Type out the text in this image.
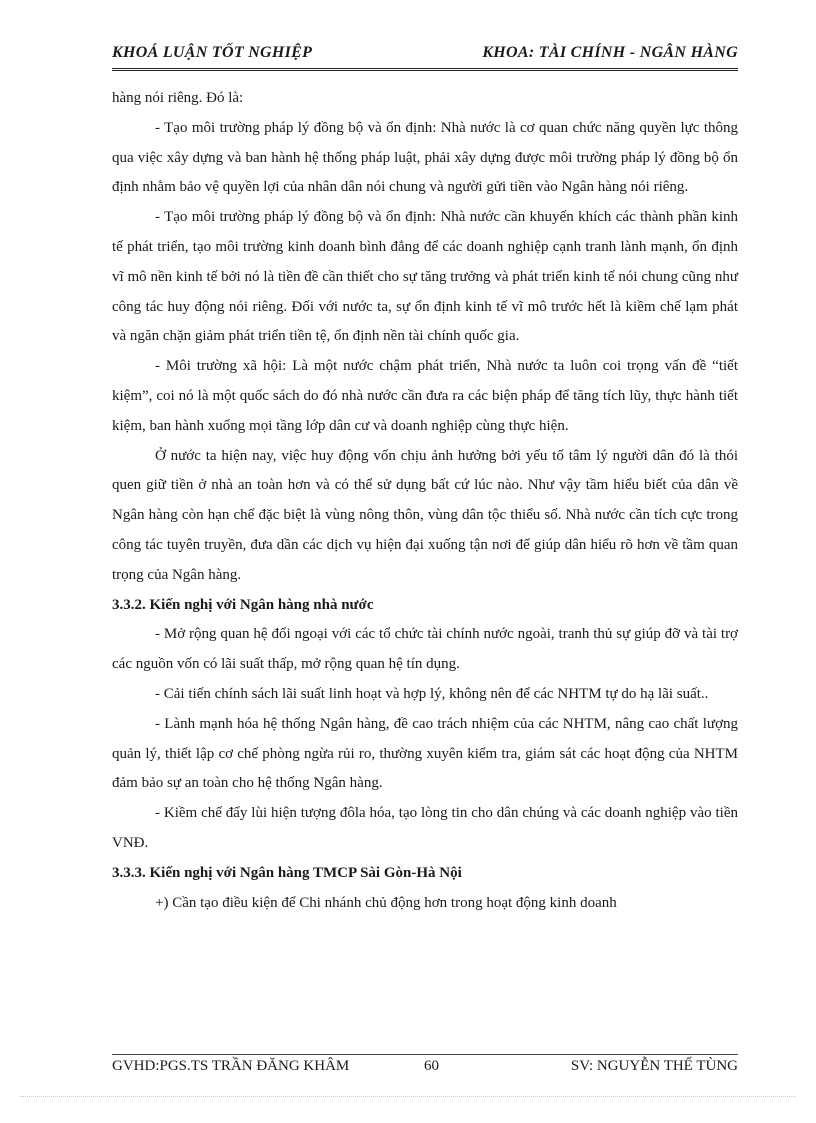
KHOÁ LUẬN TỐT NGHIỆP	KHOA: TÀI CHÍNH - NGÂN HÀNG

hàng nói riêng. Đó là:

- Tạo môi trường pháp lý đồng bộ và ổn định: Nhà nước là cơ quan chức năng quyền lực thông qua việc xây dựng và ban hành hệ thống pháp luật, phải xây dựng được môi trường pháp lý đồng bộ ổn định nhằm bảo vệ quyền lợi của nhân dân nói chung và người gửi tiền vào Ngân hàng nói riêng.

- Tạo môi trường pháp lý đồng bộ và ổn định: Nhà nước cần khuyến khích các thành phần kinh tế phát triển, tạo môi trường kinh doanh bình đẳng để các doanh nghiệp cạnh tranh lành mạnh, ổn định vĩ mô nền kinh tế bởi nó là tiền đề cần thiết cho sự tăng trưởng và phát triển kinh tế nói chung cũng như công tác huy động nói riêng. Đối với nước ta, sự ổn định kinh tế vĩ mô trước hết là kiềm chế lạm phát và ngăn chặn giảm phát triển tiền tệ, ổn định nền tài chính quốc gia.

- Môi trường xã hội: Là một nước chậm phát triển, Nhà nước ta luôn coi trọng vấn đề “tiết kiệm”, coi nó là một quốc sách do đó nhà nước cần đưa ra các biện pháp để tăng tích lũy, thực hành tiết kiệm, ban hành xuống mọi tầng lớp dân cư và doanh nghiệp cùng thực hiện.

Ở nước ta hiện nay, việc huy động vốn chịu ảnh hưởng bởi yếu tố tâm lý người dân đó là thói quen giữ tiền ở nhà an toàn hơn và có thể sử dụng bất cứ lúc nào. Như vậy tầm hiểu biết của dân về Ngân hàng còn hạn chế đặc biệt là vùng nông thôn, vùng dân tộc thiểu số. Nhà nước cần tích cực trong công tác tuyên truyền, đưa dần các dịch vụ hiện đại xuống tận nơi để giúp dân hiểu rõ hơn về tầm quan trọng của Ngân hàng.

3.3.2. Kiến nghị với Ngân hàng nhà nước

- Mở rộng quan hệ đối ngoại với các tổ chức tài chính nước ngoài, tranh thủ sự giúp đỡ và tài trợ các nguồn vốn có lãi suất thấp, mở rộng quan hệ tín dụng.

- Cải tiến chính sách lãi suất linh hoạt và hợp lý, không nên để các NHTM tự do hạ lãi suất..

- Lành mạnh hóa hệ thống Ngân hàng, đề cao trách nhiệm của các NHTM, nâng cao chất lượng quản lý, thiết lập cơ chế phòng ngừa rủi ro, thường xuyên kiểm tra, giám sát các hoạt động của NHTM đảm bảo sự an toàn cho hệ thống Ngân hàng.

- Kiềm chế đẩy lùi hiện tượng đôla hóa, tạo lòng tin cho dân chúng và các doanh nghiệp vào tiền VNĐ.

3.3.3. Kiến nghị với Ngân hàng TMCP Sài Gòn-Hà Nội

+) Cần tạo điều kiện để Chi nhánh chủ động hơn trong hoạt động kinh doanh

GVHD:PGS.TS TRẦN ĐĂNG KHÂM	60	SV: NGUYỄN THẾ TÙNG
